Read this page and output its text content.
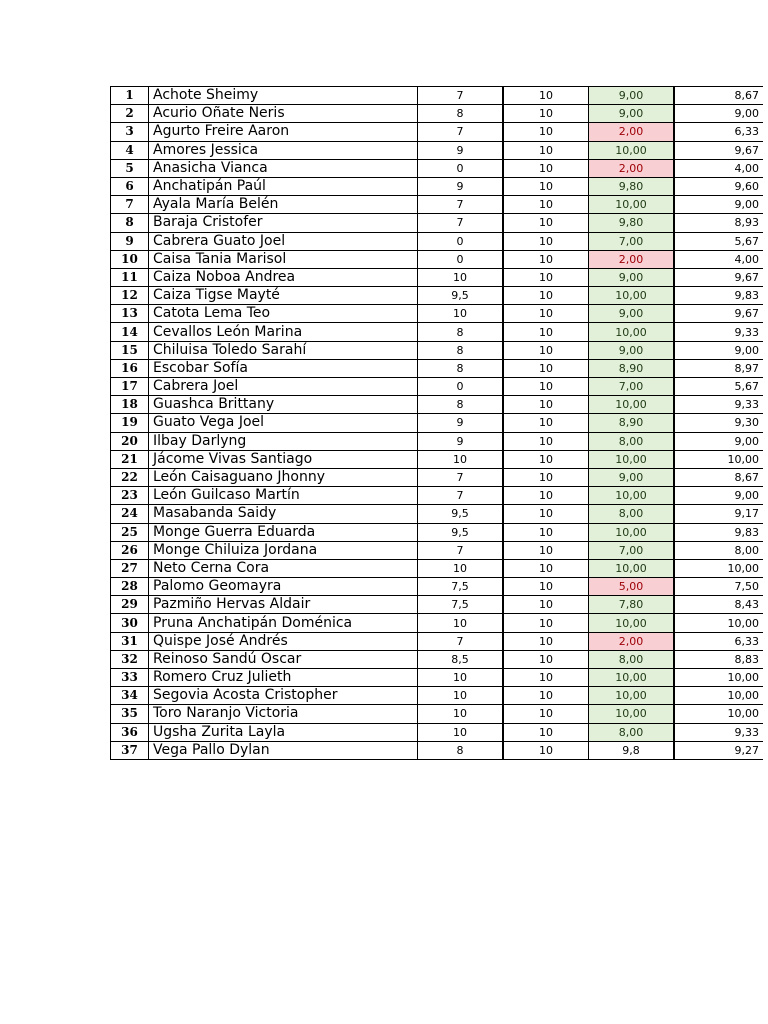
1	Achote Sheimy	7	10	9,00	8,67
2	Acurio Oñate Neris	8	10	9,00	9,00
3	Agurto Freire Aaron	7	10	2,00	6,33
4	Amores Jessica	9	10	10,00	9,67
5	Anasicha Vianca	0	10	2,00	4,00
6	Anchatipán Paúl	9	10	9,80	9,60
7	Ayala María Belén	7	10	10,00	9,00
8	Baraja Cristofer	7	10	9,80	8,93
9	Cabrera Guato Joel	0	10	7,00	5,67
10	Caisa Tania Marisol	0	10	2,00	4,00
11	Caiza Noboa Andrea	10	10	9,00	9,67
12	Caiza Tigse Mayté	9,5	10	10,00	9,83
13	Catota Lema Teo	10	10	9,00	9,67
14	Cevallos León Marina	8	10	10,00	9,33
15	Chiluisa Toledo Sarahí	8	10	9,00	9,00
16	Escobar Sofía	8	10	8,90	8,97
17	Cabrera Joel	0	10	7,00	5,67
18	Guashca Brittany	8	10	10,00	9,33
19	Guato Vega Joel	9	10	8,90	9,30
20	Ilbay Darlyng	9	10	8,00	9,00
21	Jácome Vivas Santiago	10	10	10,00	10,00
22	León Caisaguano Jhonny	7	10	9,00	8,67
23	León Guilcaso Martín	7	10	10,00	9,00
24	Masabanda Saidy	9,5	10	8,00	9,17
25	Monge Guerra Eduarda	9,5	10	10,00	9,83
26	Monge Chiluiza Jordana	7	10	7,00	8,00
27	Neto Cerna Cora	10	10	10,00	10,00
28	Palomo Geomayra	7,5	10	5,00	7,50
29	Pazmiño Hervas Aldair	7,5	10	7,80	8,43
30	Pruna Anchatipán Doménica	10	10	10,00	10,00
31	Quispe José Andrés	7	10	2,00	6,33
32	Reinoso Sandú Oscar	8,5	10	8,00	8,83
33	Romero Cruz Julieth	10	10	10,00	10,00
34	Segovia Acosta Cristopher	10	10	10,00	10,00
35	Toro Naranjo Victoria	10	10	10,00	10,00
36	Ugsha Zurita Layla	10	10	8,00	9,33
37	Vega Pallo Dylan	8	10	9,8	9,27
